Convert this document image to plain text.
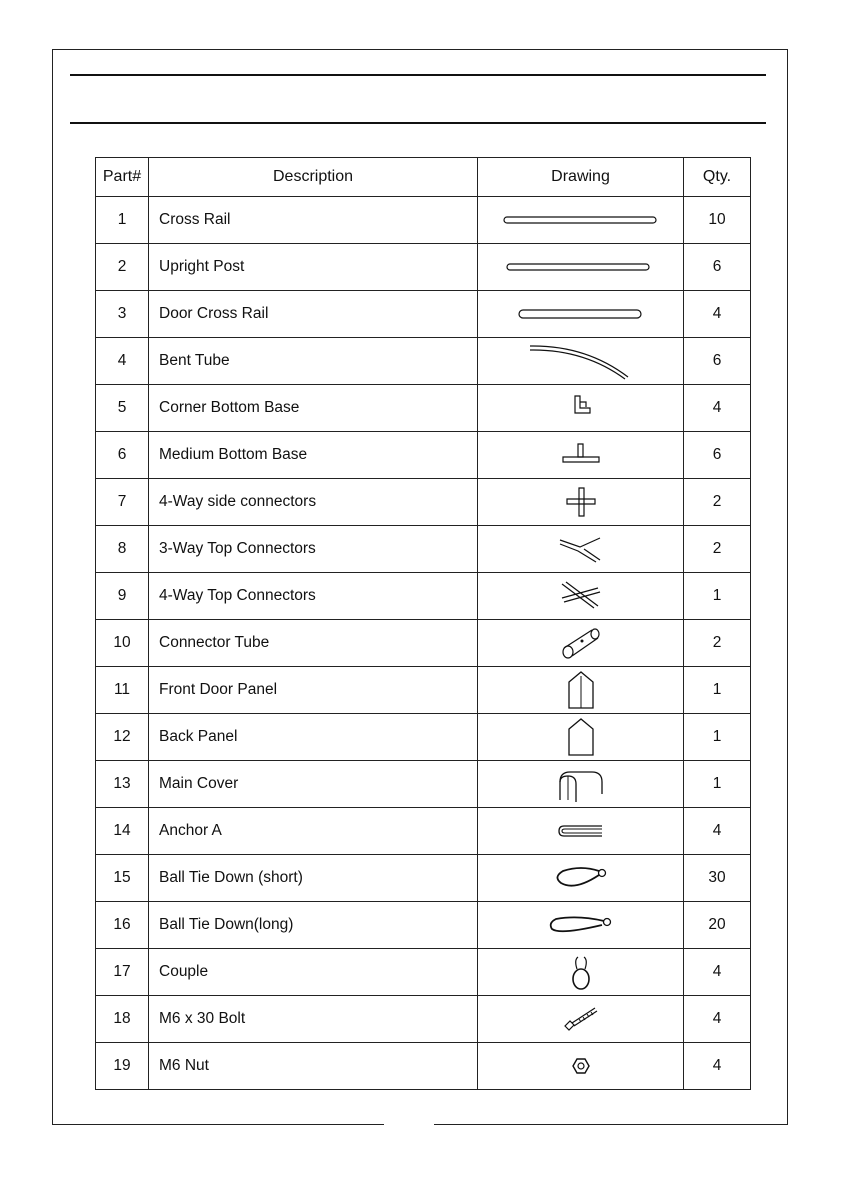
Part#	Description	Drawing	Qty.
1	Cross Rail		10
2	Upright Post		6
3	Door Cross Rail		4
4	Bent Tube		6
5	Corner Bottom Base		4
6	Medium Bottom Base		6
7	4-Way side connectors		2
8	3-Way Top Connectors		2
9	4-Way Top Connectors		1
10	Connector Tube		2
11	Front Door Panel		1
12	Back Panel		1
13	Main Cover		1
14	Anchor A		4
15	Ball Tie Down (short)		30
16	Ball Tie Down(long)		20
17	Couple		4
18	M6 x 30 Bolt		4
19	M6 Nut		4
